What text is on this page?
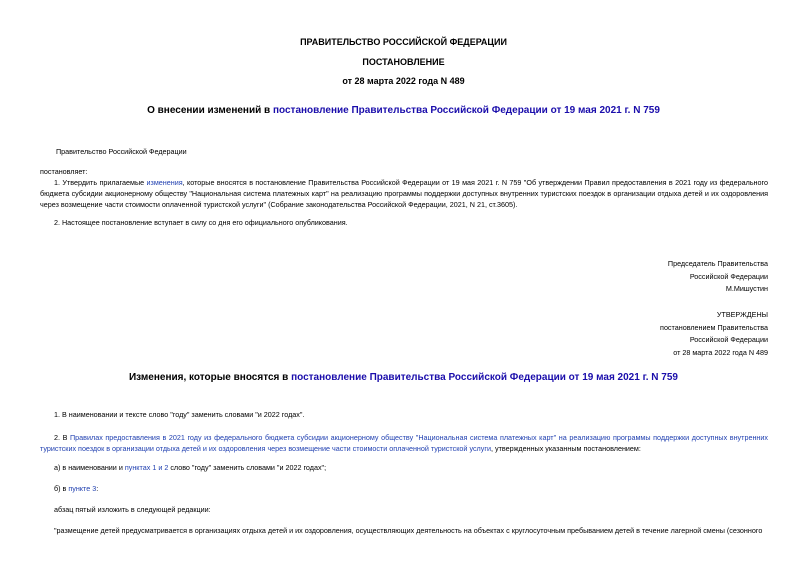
ПРАВИТЕЛЬСТВО РОССИЙСКОЙ ФЕДЕРАЦИИ
ПОСТАНОВЛЕНИЕ
от 28 марта 2022 года N 489
О внесении изменений в постановление Правительства Российской Федерации от 19 мая 2021 г. N 759
Правительство Российской Федерации
постановляет:
1. Утвердить прилагаемые изменения, которые вносятся в постановление Правительства Российской Федерации от 19 мая 2021 г. N 759 "Об утверждении Правил предоставления в 2021 году из федерального бюджета субсидии акционерному обществу "Национальная система платежных карт" на реализацию программы поддержки доступных внутренних туристских поездок в организации отдыха детей и их оздоровления через возмещение части стоимости оплаченной туристской услуги" (Собрание законодательства Российской Федерации, 2021, N 21, ст.3605).
2. Настоящее постановление вступает в силу со дня его официального опубликования.
Председатель Правительства
Российской Федерации
М.Мишустин
УТВЕРЖДЕНЫ
постановлением Правительства
Российской Федерации
от 28 марта 2022 года N 489
Изменения, которые вносятся в постановление Правительства Российской Федерации от 19 мая 2021 г. N 759
1. В наименовании и тексте слово "году" заменить словами "и 2022 годах".
2. В Правилах предоставления в 2021 году из федерального бюджета субсидии акционерному обществу "Национальная система платежных карт" на реализацию программы поддержки доступных внутренних туристских поездок в организации отдыха детей и их оздоровления через возмещение части стоимости оплаченной туристской услуги, утвержденных указанным постановлением:
а) в наименовании и пунктах 1 и 2 слово "году" заменить словами "и 2022 годах";
б) в пункте 3:
абзац пятый изложить в следующей редакции:
"размещение детей предусматривается в организациях отдыха детей и их оздоровления, осуществляющих деятельность на объектах с круглосуточным пребыванием детей в течение лагерной смены (сезонного
